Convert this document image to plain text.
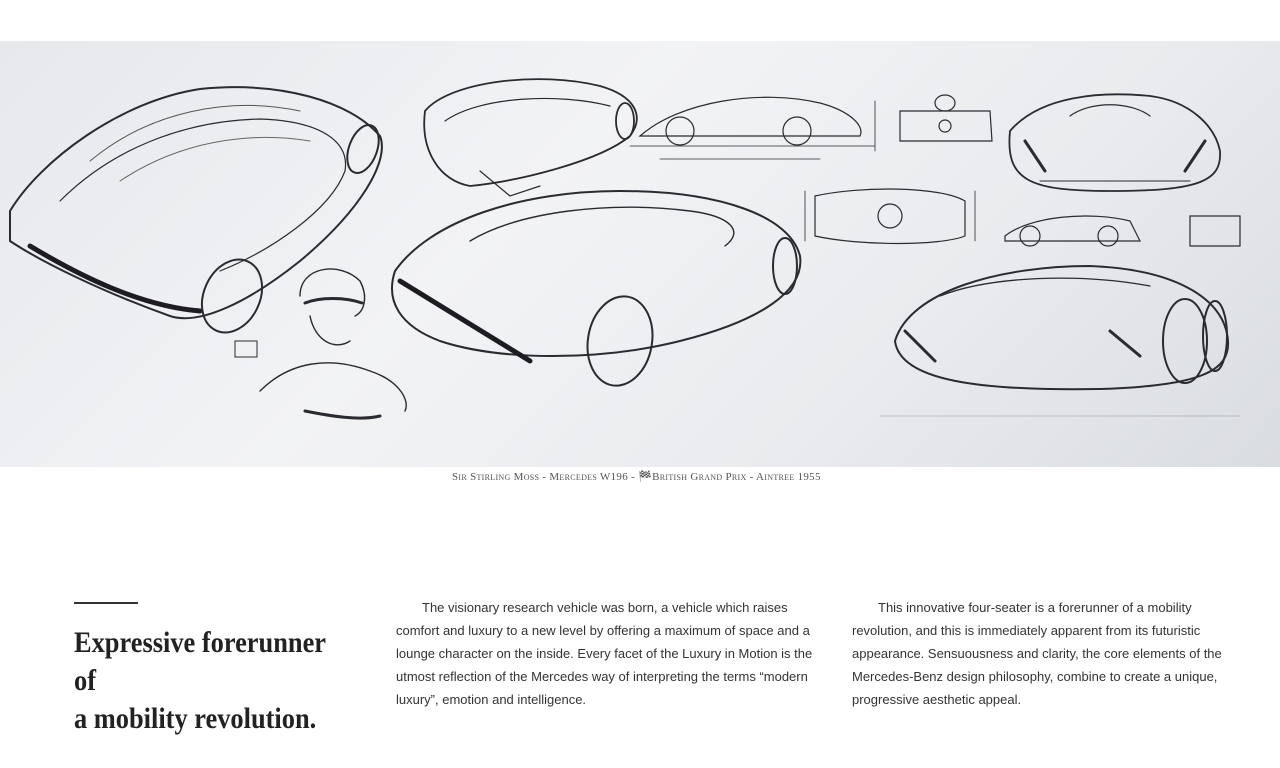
Sir Stirling Moss - Mercedes W196 - 🏁British Grand Prix - Aintree 1955
Expressive forerunner of
a mobility revolution.

The visionary research vehicle was born, a vehicle which raises comfort and luxury to a new level by offering a maximum of space and a lounge character on the inside. Every facet of the Luxury in Motion is the utmost reflection of the Mercedes way of interpreting the terms “modern luxury”, emotion and intelligence.

This innovative four-seater is a forerunner of a mobility revolution, and this is immediately apparent from its futuristic appearance. Sensuousness and clarity, the core elements of the Mercedes-Benz design philosophy, combine to create a unique, progressive aesthetic appeal.
